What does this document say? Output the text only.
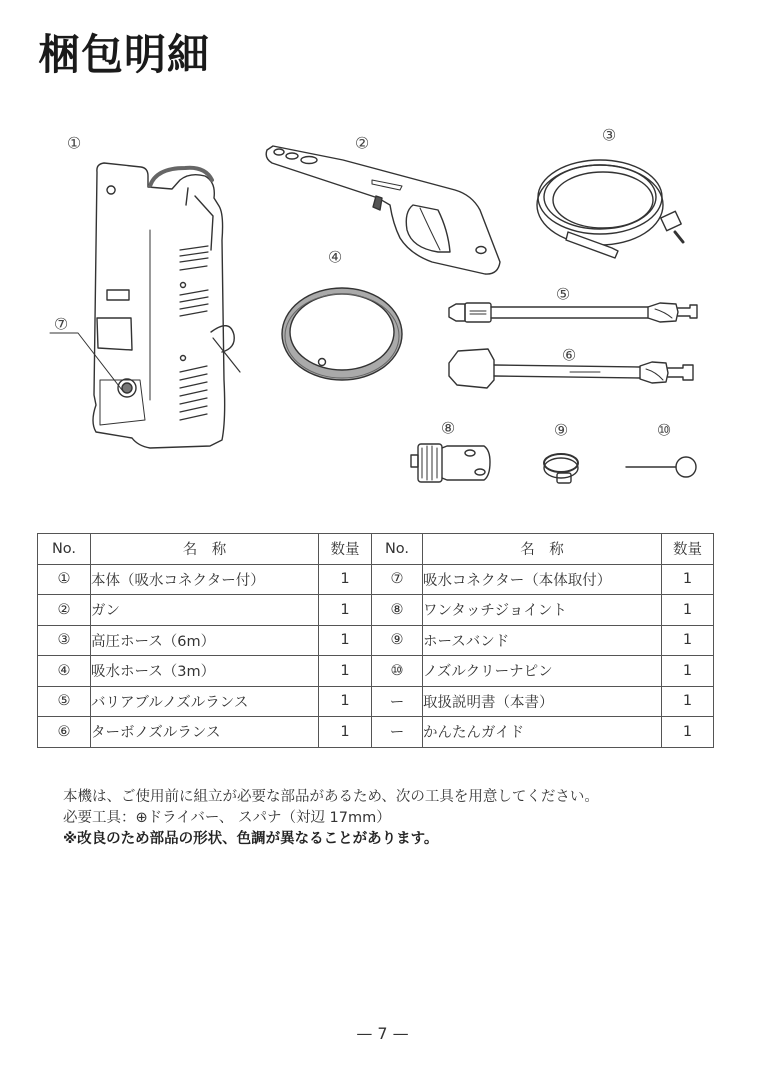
梱包明細
①	②	③
④
⑤
⑥
⑦
⑧	⑨	⑩
No.	名　称	数量	No.	名　称	数量
①	本体（吸水コネクター付）	1	⑦	吸水コネクター（本体取付）	1
②	ガン	1	⑧	ワンタッチジョイント	1
③	高圧ホース（6m）	1	⑨	ホースバンド	1
④	吸水ホース（3m）	1	⑩	ノズルクリーナピン	1
⑤	バリアブルノズルランス	1	ー	取扱説明書（本書）	1
⑥	ターボノズルランス	1	ー	かんたんガイド	1
本機は、ご使用前に組立が必要な部品があるため、次の工具を用意してください。
必要工具：⊕ドライバー、 スパナ（対辺 17mm）
※改良のため部品の形状、色調が異なることがあります。
— 7 —
